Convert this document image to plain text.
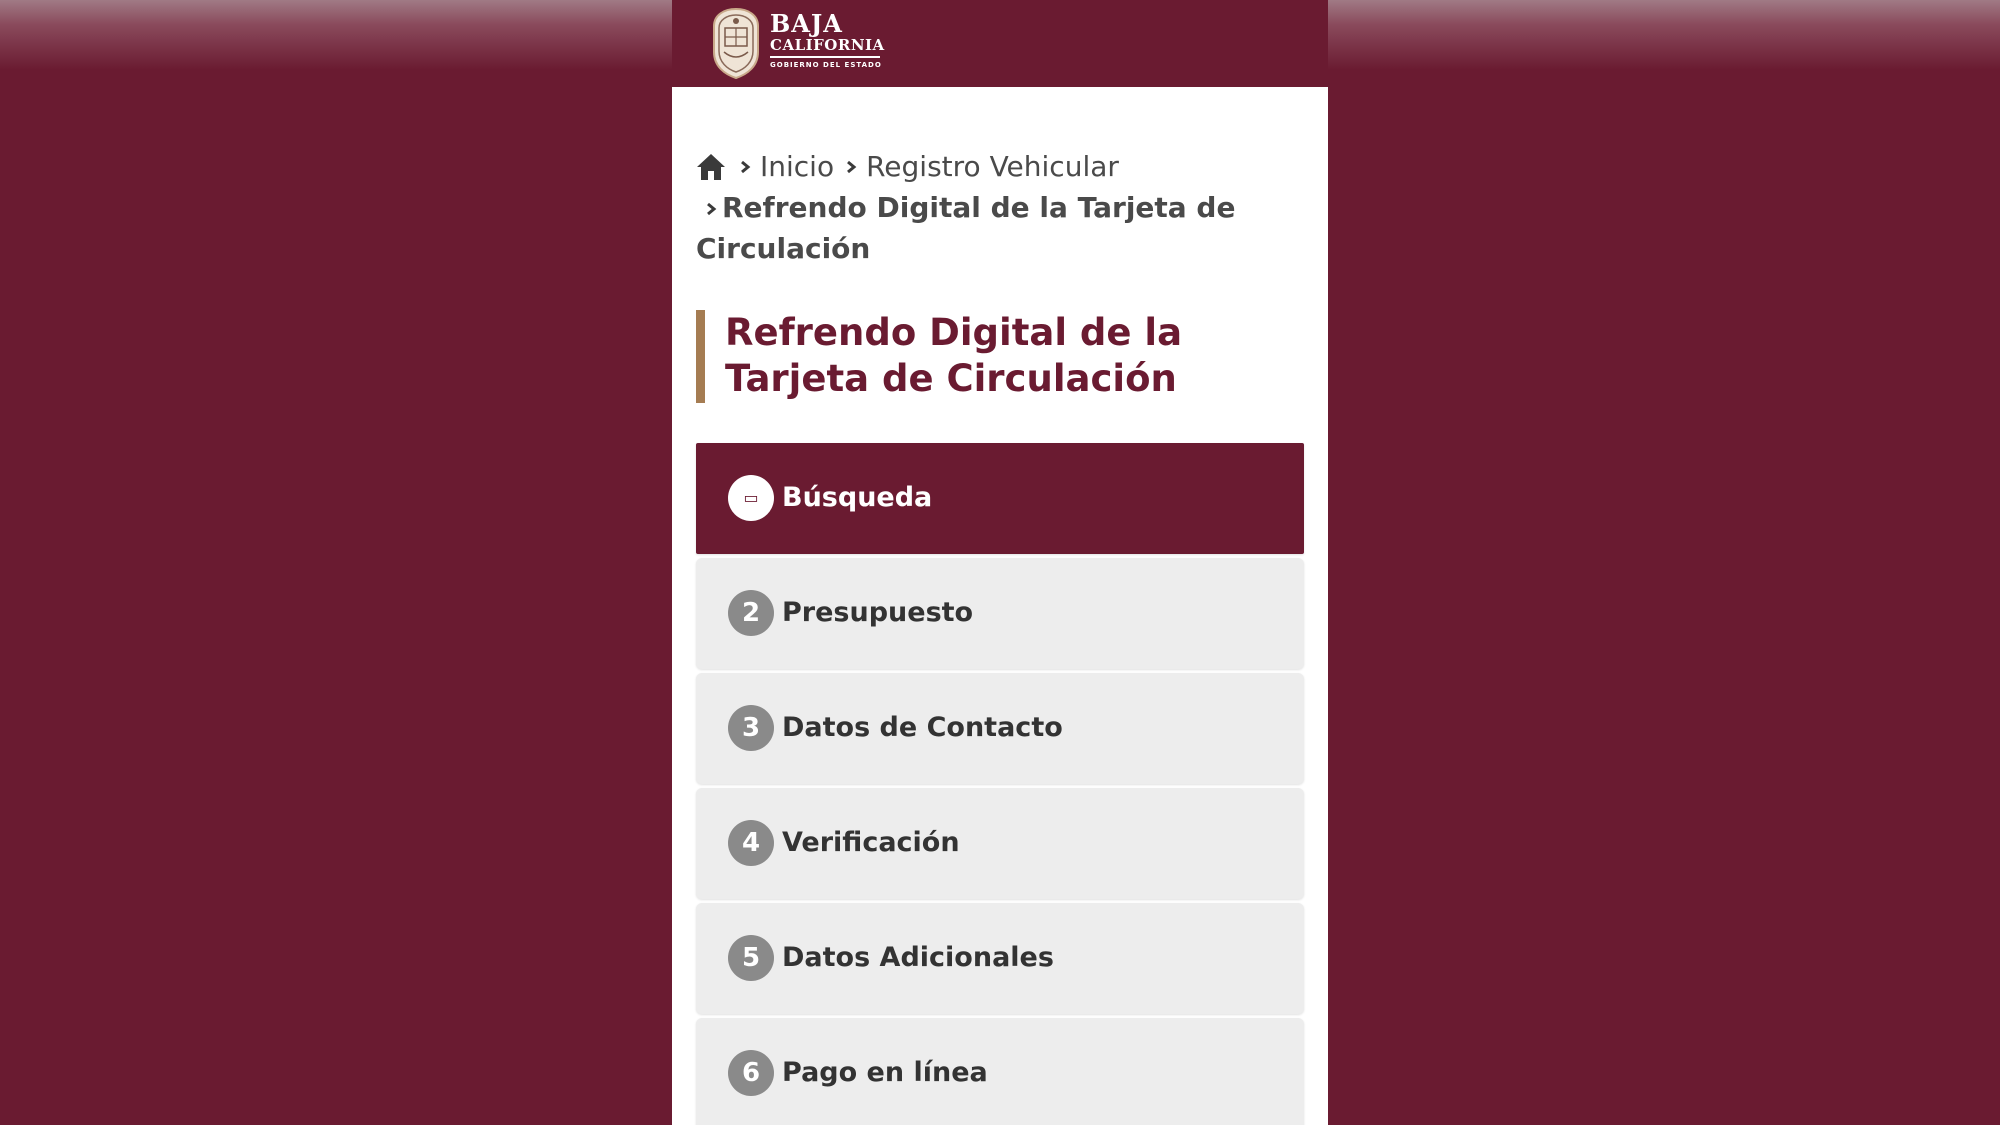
BAJA
CALIFORNIA
GOBIERNO DEL ESTADO
Inicio Registro Vehicular
Refrendo Digital de la Tarjeta de Circulación
Refrendo Digital de la Tarjeta de Circulación
▭ Búsqueda
2 Presupuesto
3 Datos de Contacto
4 Verificación
5 Datos Adicionales
6 Pago en línea
